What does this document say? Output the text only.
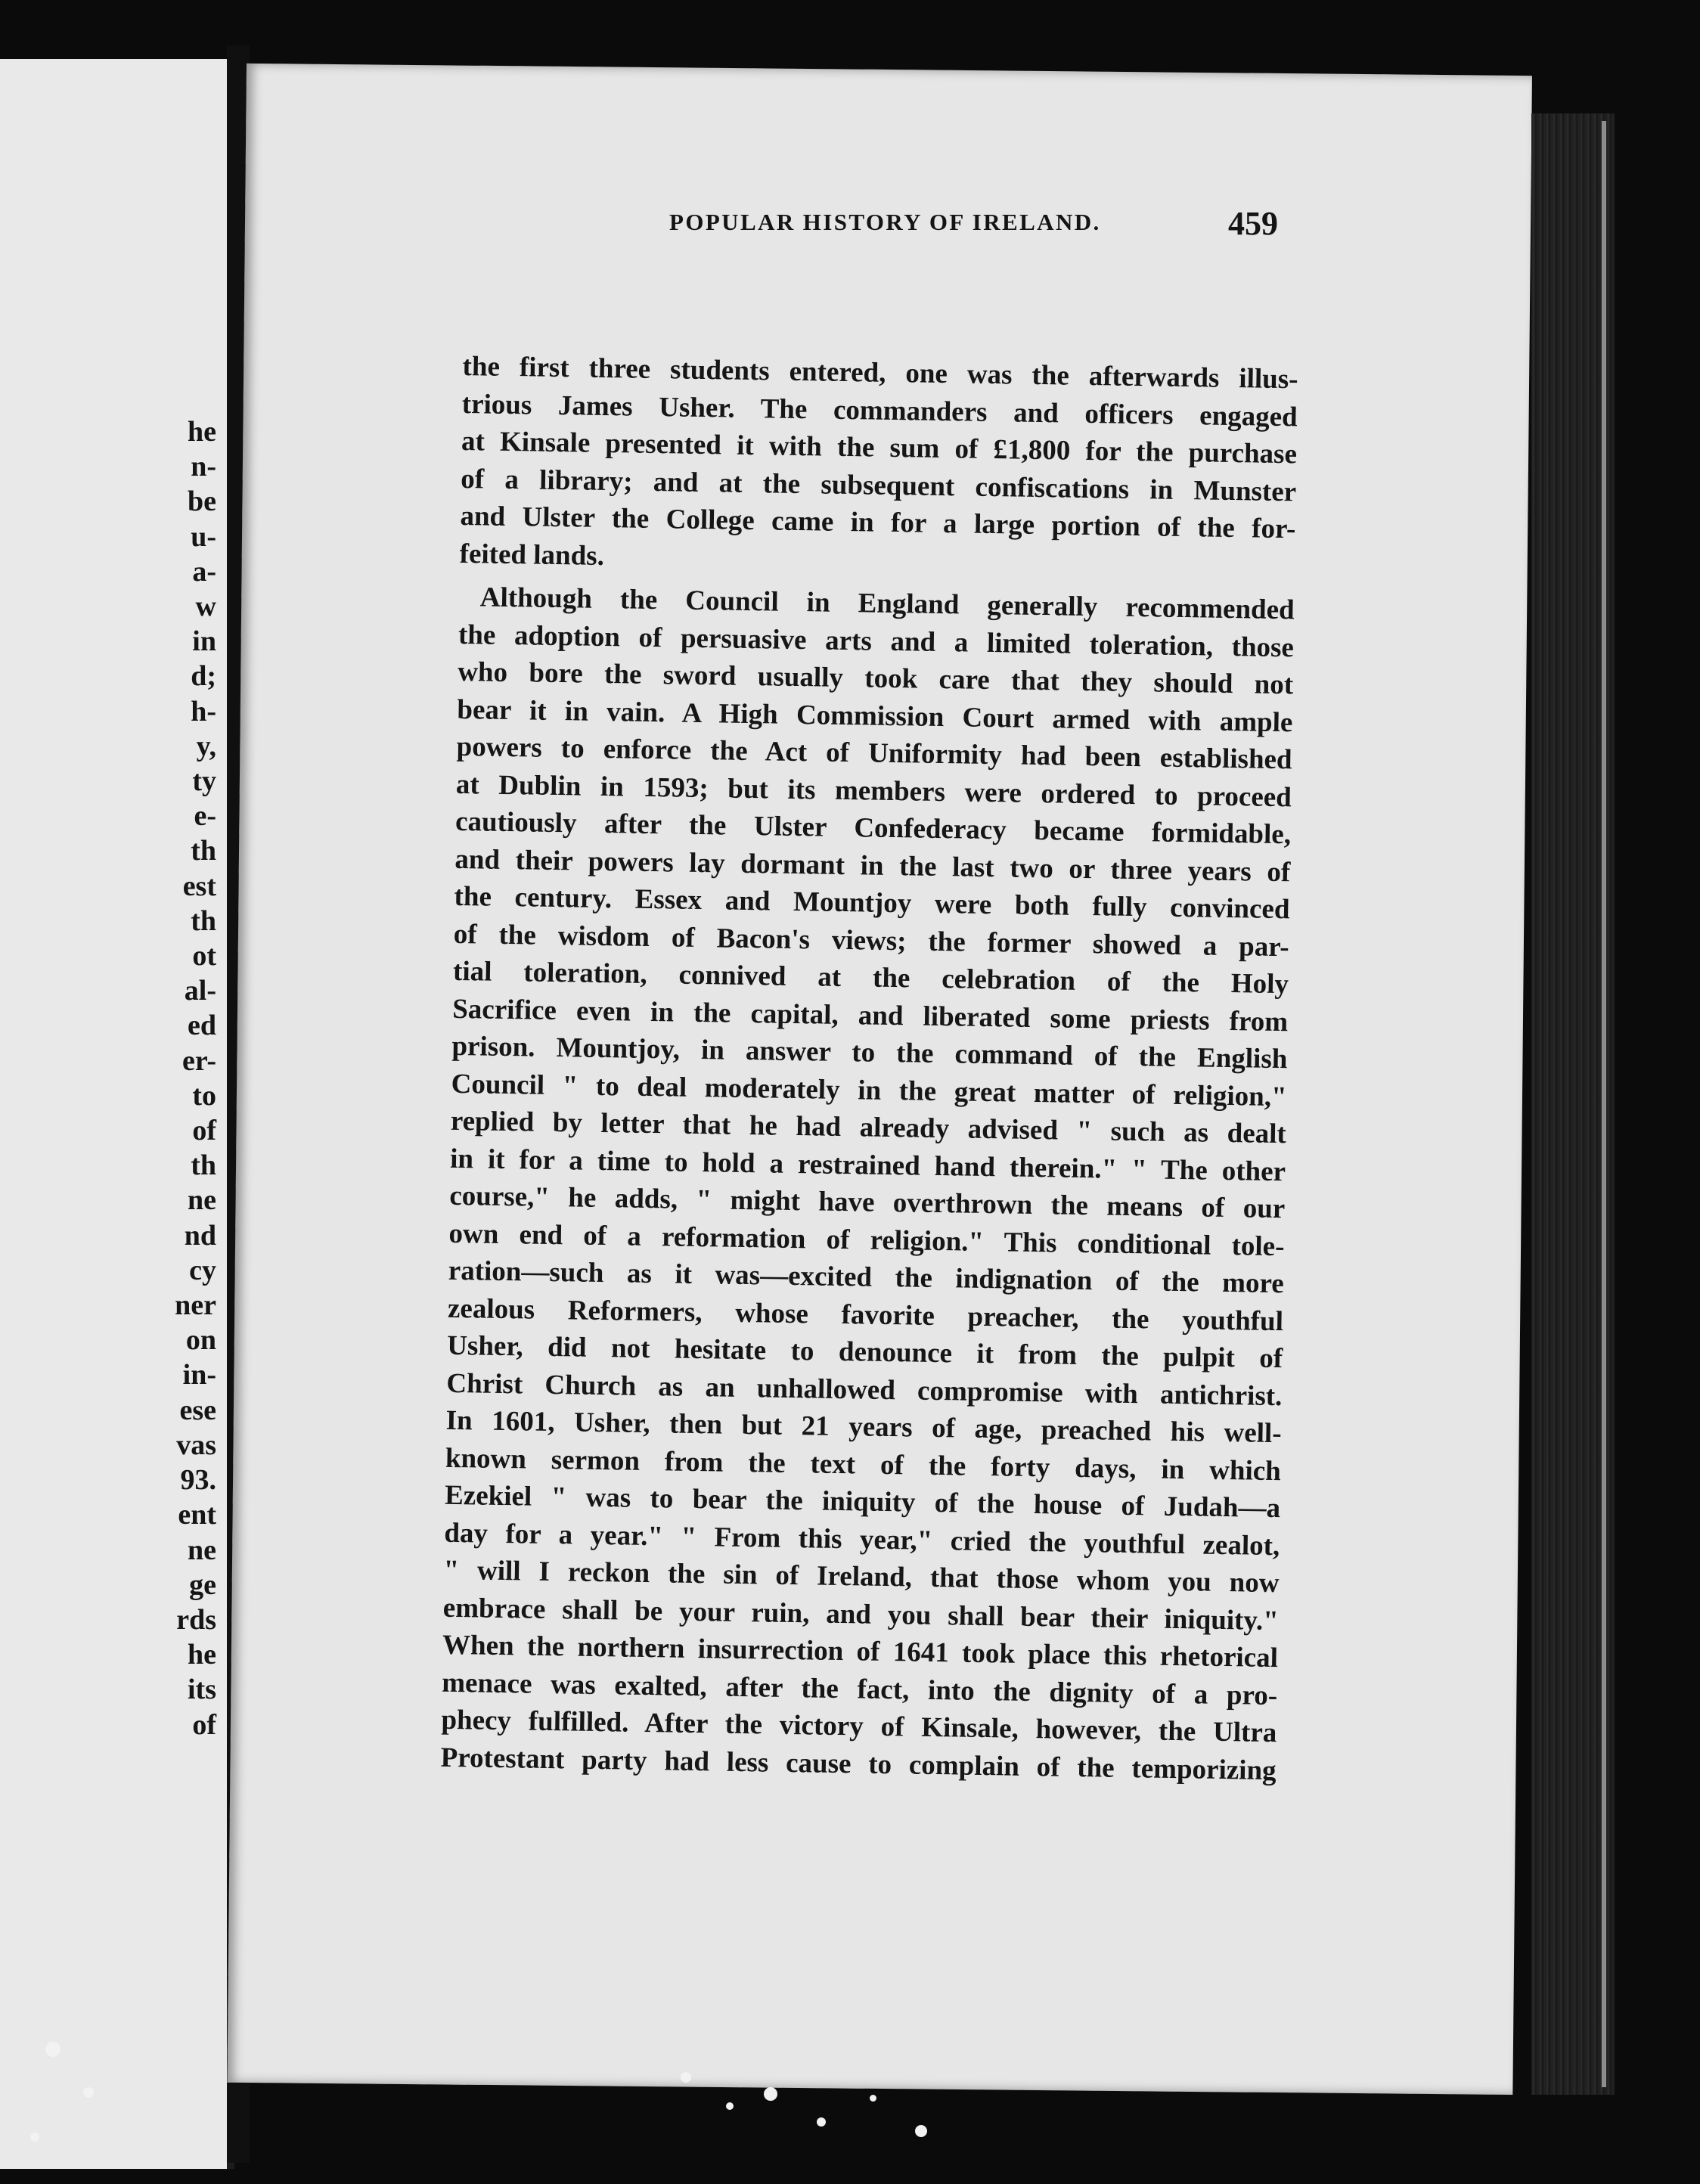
he
n-
be
u-
a-
w
in
d;
h-
y,
ty
e-
th
est
th
ot
al-
ed
er-
to
of
th
ne
nd
cy
ner
on
in-
ese
vas
93.
ent
ne
ge
rds
he
its
of
POPULAR HISTORY OF IRELAND.	459
the first three students entered, one was the afterwards illus-
trious James Usher. The commanders and officers engaged
at Kinsale presented it with the sum of £1,800 for the purchase
of a library; and at the subsequent confiscations in Munster
and Ulster the College came in for a large portion of the for-
feited lands.
Although the Council in England generally recommended
the adoption of persuasive arts and a limited toleration, those
who bore the sword usually took care that they should not
bear it in vain. A High Commission Court armed with ample
powers to enforce the Act of Uniformity had been established
at Dublin in 1593; but its members were ordered to proceed
cautiously after the Ulster Confederacy became formidable,
and their powers lay dormant in the last two or three years of
the century. Essex and Mountjoy were both fully convinced
of the wisdom of Bacon's views; the former showed a par-
tial toleration, connived at the celebration of the Holy
Sacrifice even in the capital, and liberated some priests from
prison. Mountjoy, in answer to the command of the English
Council " to deal moderately in the great matter of religion,"
replied by letter that he had already advised " such as dealt
in it for a time to hold a restrained hand therein." " The other
course," he adds, " might have overthrown the means of our
own end of a reformation of religion." This conditional tole-
ration—such as it was—excited the indignation of the more
zealous Reformers, whose favorite preacher, the youthful
Usher, did not hesitate to denounce it from the pulpit of
Christ Church as an unhallowed compromise with antichrist.
In 1601, Usher, then but 21 years of age, preached his well-
known sermon from the text of the forty days, in which
Ezekiel " was to bear the iniquity of the house of Judah—a
day for a year." " From this year," cried the youthful zealot,
" will I reckon the sin of Ireland, that those whom you now
embrace shall be your ruin, and you shall bear their iniquity."
When the northern insurrection of 1641 took place this rhetorical
menace was exalted, after the fact, into the dignity of a pro-
phecy fulfilled. After the victory of Kinsale, however, the Ultra
Protestant party had less cause to complain of the temporizing
